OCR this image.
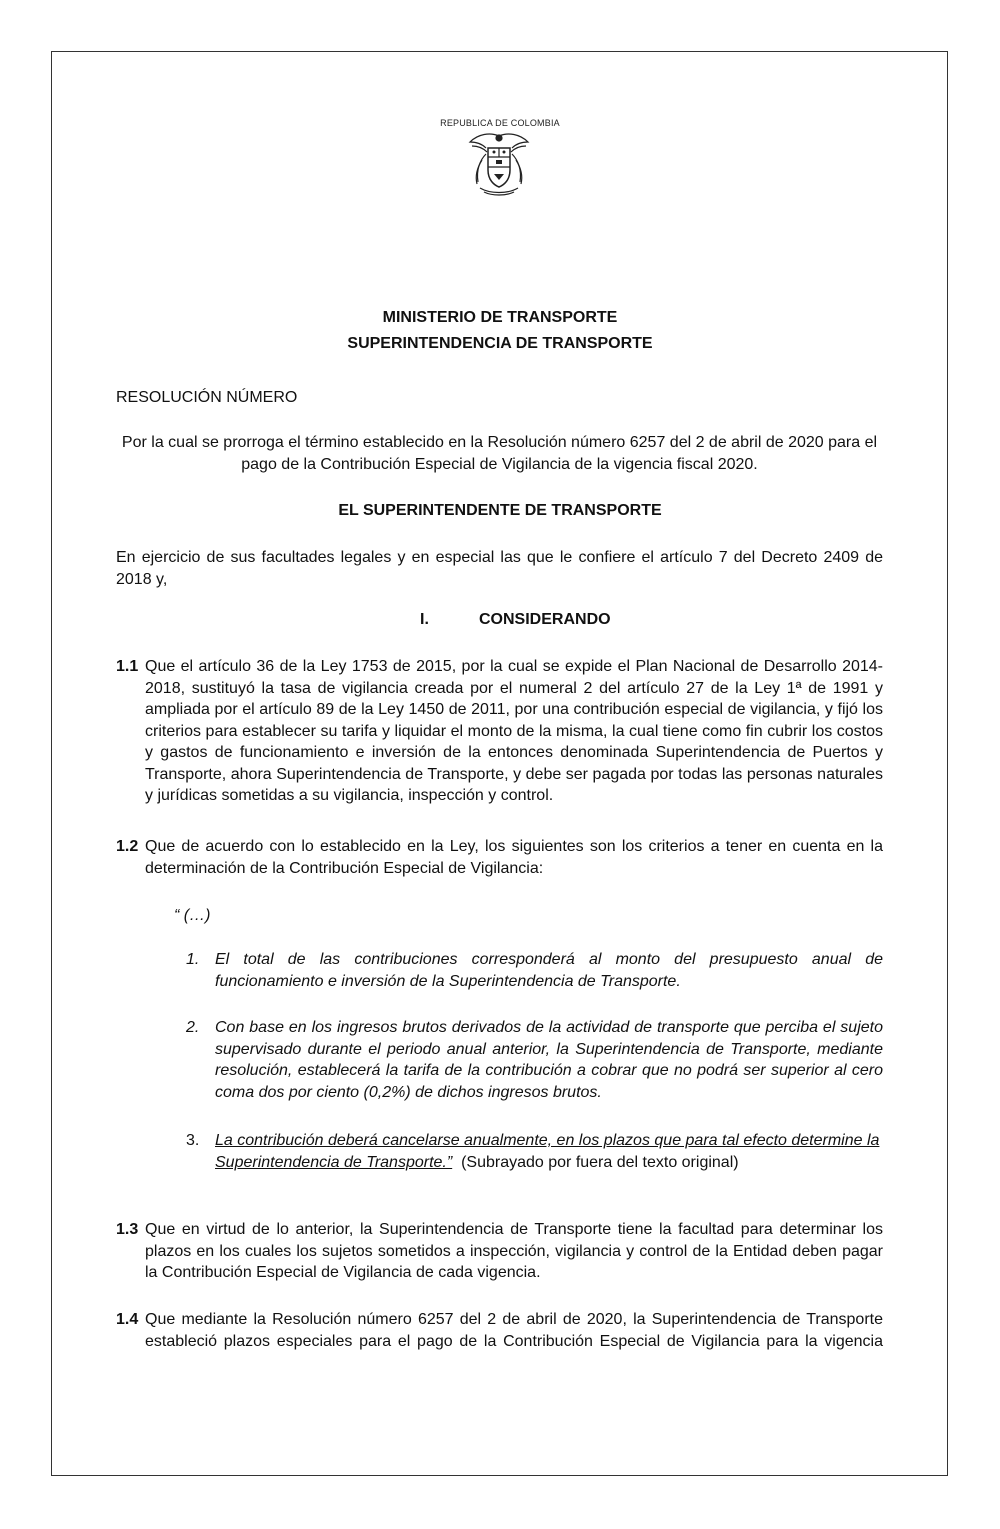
REPUBLICA DE COLOMBIA
MINISTERIO DE TRANSPORTE
SUPERINTENDENCIA DE TRANSPORTE
RESOLUCIÓN NÚMERO
Por la cual se prorroga el término establecido en la Resolución número 6257 del 2 de abril de 2020 para el pago de la Contribución Especial de Vigilancia de la vigencia fiscal 2020.
EL SUPERINTENDENTE DE TRANSPORTE
En ejercicio de sus facultades legales y en especial las que le confiere el artículo 7 del Decreto 2409 de 2018 y,
I.	CONSIDERANDO
1.1 Que el artículo 36 de la Ley 1753 de 2015, por la cual se expide el Plan Nacional de Desarrollo 2014-2018, sustituyó la tasa de vigilancia creada por el numeral 2 del artículo 27 de la Ley 1ª de 1991 y ampliada por el artículo 89 de la Ley 1450 de 2011, por una contribución especial de vigilancia, y fijó los criterios para establecer su tarifa y liquidar el monto de la misma, la cual tiene como fin cubrir los costos y gastos de funcionamiento e inversión de la entonces denominada Superintendencia de Puertos y Transporte, ahora Superintendencia de Transporte, y debe ser pagada por todas las personas naturales y jurídicas sometidas a su vigilancia, inspección y control.
1.2 Que de acuerdo con lo establecido en la Ley, los siguientes son los criterios a tener en cuenta en la determinación de la Contribución Especial de Vigilancia:
“ (…)
1. El total de las contribuciones corresponderá al monto del presupuesto anual de funcionamiento e inversión de la Superintendencia de Transporte.
2. Con base en los ingresos brutos derivados de la actividad de transporte que perciba el sujeto supervisado durante el periodo anual anterior, la Superintendencia de Transporte, mediante resolución, establecerá la tarifa de la contribución a cobrar que no podrá ser superior al cero coma dos por ciento (0,2%) de dichos ingresos brutos.
3. La contribución deberá cancelarse anualmente, en los plazos que para tal efecto determine la Superintendencia de Transporte.” (Subrayado por fuera del texto original)
1.3 Que en virtud de lo anterior, la Superintendencia de Transporte tiene la facultad para determinar los plazos en los cuales los sujetos sometidos a inspección, vigilancia y control de la Entidad deben pagar la Contribución Especial de Vigilancia de cada vigencia.
1.4 Que mediante la Resolución número 6257 del 2 de abril de 2020, la Superintendencia de Transporte estableció plazos especiales para el pago de la Contribución Especial de Vigilancia para la vigencia
